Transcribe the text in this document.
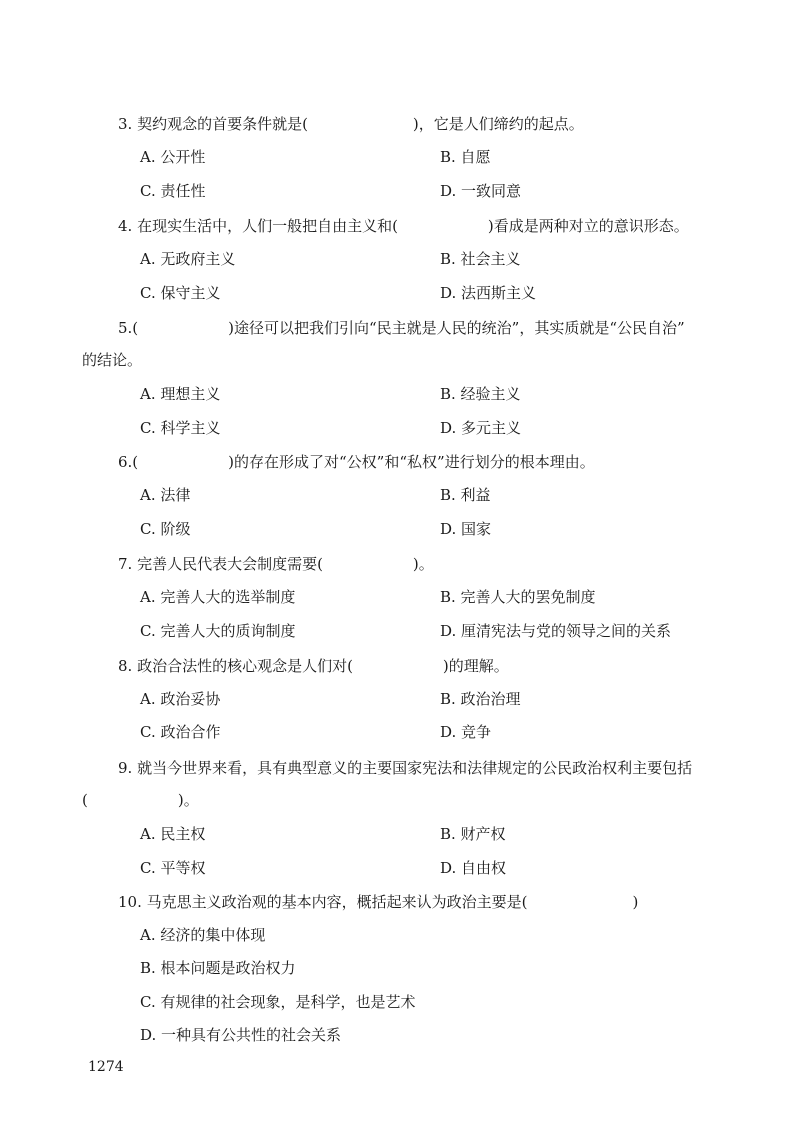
3. 契约观念的首要条件就是(　　　　　　　)，它是人们缔约的起点。
A. 公开性	B. 自愿
C. 责任性	D. 一致同意
4. 在现实生活中，人们一般把自由主义和(　　　　　　)看成是两种对立的意识形态。
A. 无政府主义	B. 社会主义
C. 保守主义	D. 法西斯主义
5.(　　　　　　)途径可以把我们引向“民主就是人民的统治”，其实质就是“公民自治”
的结论。
A. 理想主义	B. 经验主义
C. 科学主义	D. 多元主义
6.(　　　　　　)的存在形成了对“公权”和“私权”进行划分的根本理由。
A. 法律	B. 利益
C. 阶级	D. 国家
7. 完善人民代表大会制度需要(　　　　　　)。
A. 完善人大的选举制度	B. 完善人大的罢免制度
C. 完善人大的质询制度	D. 厘清宪法与党的领导之间的关系
8. 政治合法性的核心观念是人们对(　　　　　　)的理解。
A. 政治妥协	B. 政治治理
C. 政治合作	D. 竞争
9. 就当今世界来看，具有典型意义的主要国家宪法和法律规定的公民政治权利主要包括
(　　　　　　)。
A. 民主权	B. 财产权
C. 平等权	D. 自由权
10. 马克思主义政治观的基本内容，概括起来认为政治主要是(　　　　　　　)
A. 经济的集中体现
B. 根本问题是政治权力
C. 有规律的社会现象，是科学，也是艺术
D. 一种具有公共性的社会关系
1274
